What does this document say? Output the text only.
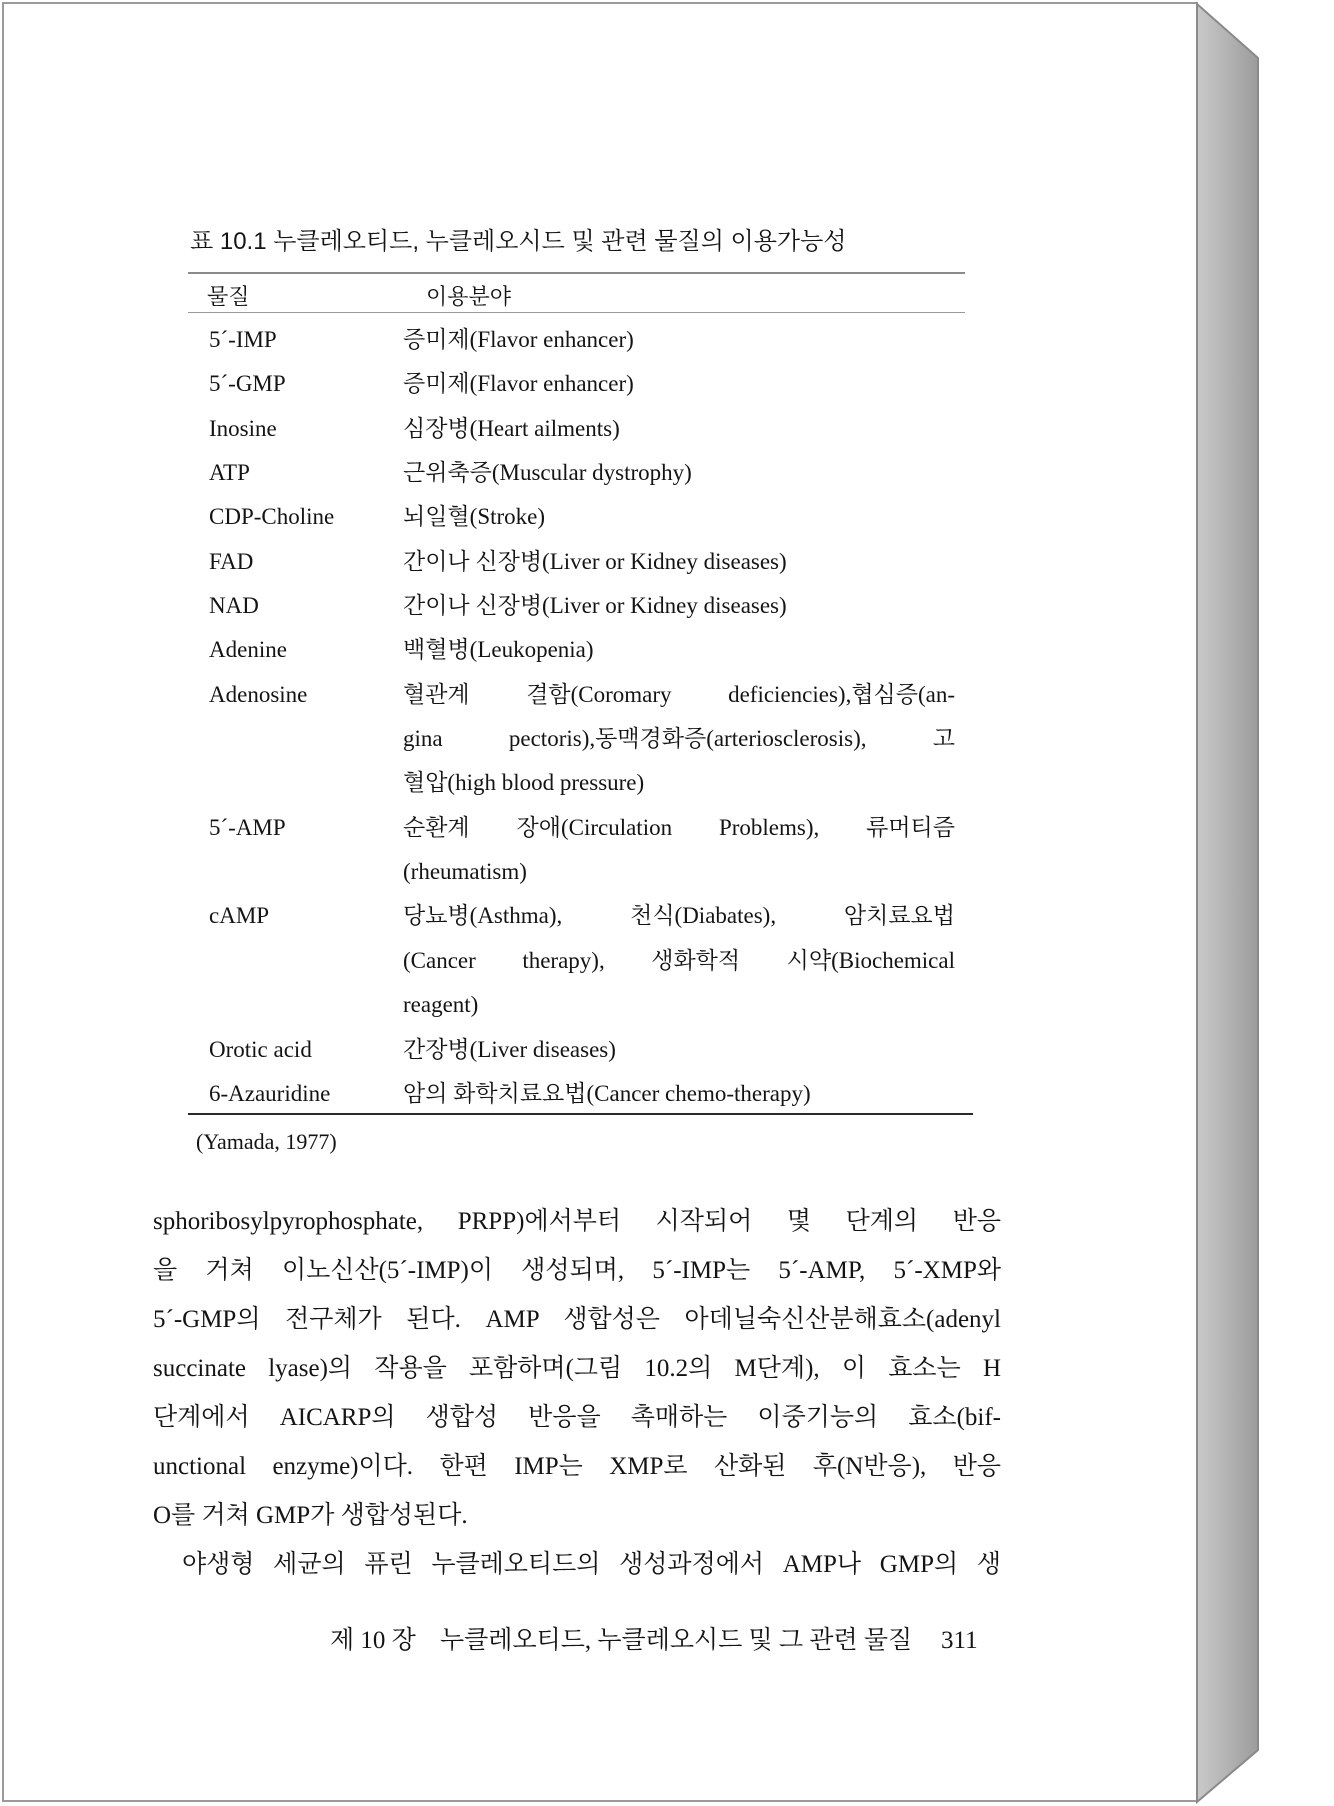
표 10.1 누클레오티드, 누클레오시드 및 관련 물질의 이용가능성
물질	이용분야
5´-IMP	증미제(Flavor enhancer)
5´-GMP	증미제(Flavor enhancer)
Inosine	심장병(Heart ailments)
ATP	근위축증(Muscular dystrophy)
CDP-Choline	뇌일혈(Stroke)
FAD	간이나 신장병(Liver or Kidney diseases)
NAD	간이나 신장병(Liver or Kidney diseases)
Adenine	백혈병(Leukopenia)
Adenosine	혈관계 결함(Coromary deficiencies),협심증(an-
gina pectoris),동맥경화증(arteriosclerosis), 고
혈압(high blood pressure)
5´-AMP	순환계 장애(Circulation Problems), 류머티즘
(rheumatism)
cAMP	당뇨병(Asthma), 천식(Diabates), 암치료요법
(Cancer therapy), 생화학적 시약(Biochemical
reagent)
Orotic acid	간장병(Liver diseases)
6-Azauridine	암의 화학치료요법(Cancer chemo-therapy)
(Yamada, 1977)
sphoribosylpyrophosphate, PRPP)에서부터 시작되어 몇 단계의 반응
을 거쳐 이노신산(5´-IMP)이 생성되며, 5´-IMP는 5´-AMP, 5´-XMP와
5´-GMP의 전구체가 된다. AMP 생합성은 아데닐숙신산분해효소(adenyl
succinate lyase)의 작용을 포함하며(그림 10.2의 M단계), 이 효소는 H
단계에서 AICARP의 생합성 반응을 촉매하는 이중기능의 효소(bif-
unctional enzyme)이다. 한편 IMP는 XMP로 산화된 후(N반응), 반응
O를 거쳐 GMP가 생합성된다.
야생형 세균의 퓨린 누클레오티드의 생성과정에서 AMP나 GMP의 생
제 10 장 누클레오티드, 누클레오시드 및 그 관련 물질 311
